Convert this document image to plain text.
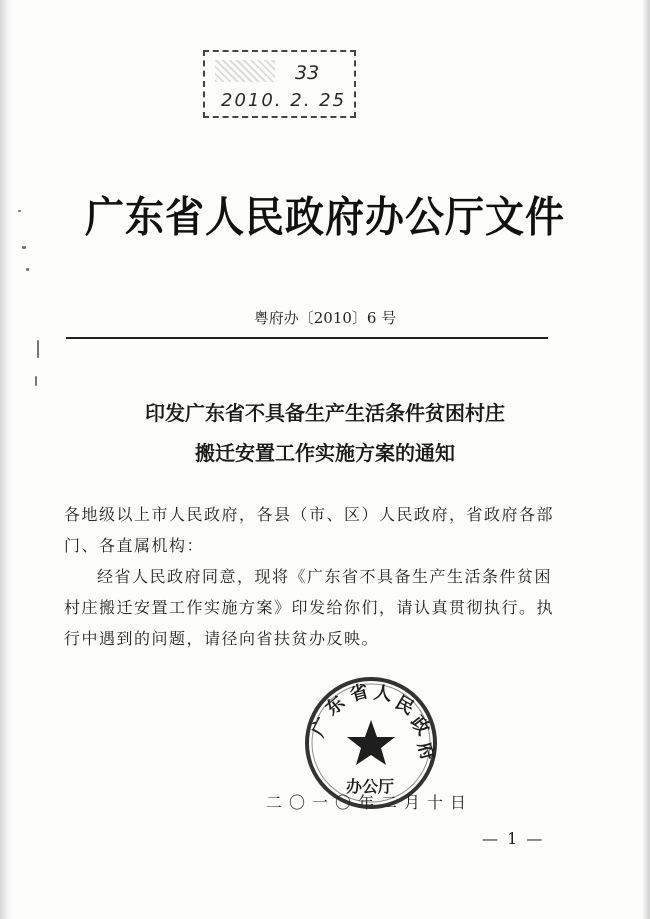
33
2010. 2. 25
广东省人民政府办公厅文件
粤府办〔2010〕6 号
印发广东省不具备生产生活条件贫困村庄
搬迁安置工作实施方案的通知

各地级以上市人民政府，各县（市、区）人民政府，省政府各部门、各直属机构：

经省人民政府同意，现将《广东省不具备生产生活条件贫困村庄搬迁安置工作实施方案》印发给你们，请认真贯彻执行。执行中遇到的问题，请径向省扶贫办反映。

广
东
省 人
民
政
府
办公厅
二〇一〇年二月十日
— 1 —
